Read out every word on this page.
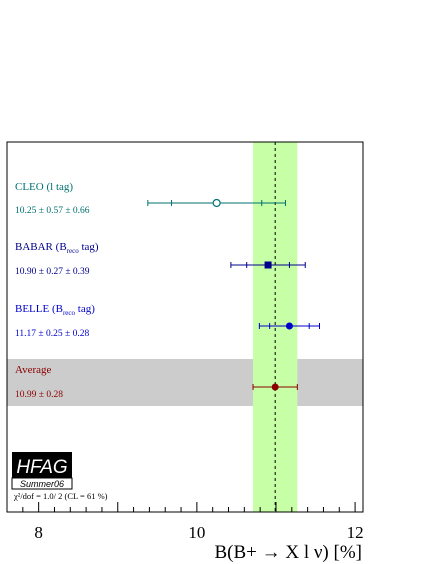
8	10	12
CLEO (l tag)
10.25 ± 0.57 ± 0.66
BABAR ($B_{reco}$ tag)
10.90 ± 0.27 ± 0.39
BELLE ($B_{reco}$ tag)
11.17 ± 0.25 ± 0.28
Average
10.99 ± 0.28
HFAG
Summer06
χ²/dof = 1.0/ 2 (CL = 61 %)
B(B+ → X l ν) [%]
